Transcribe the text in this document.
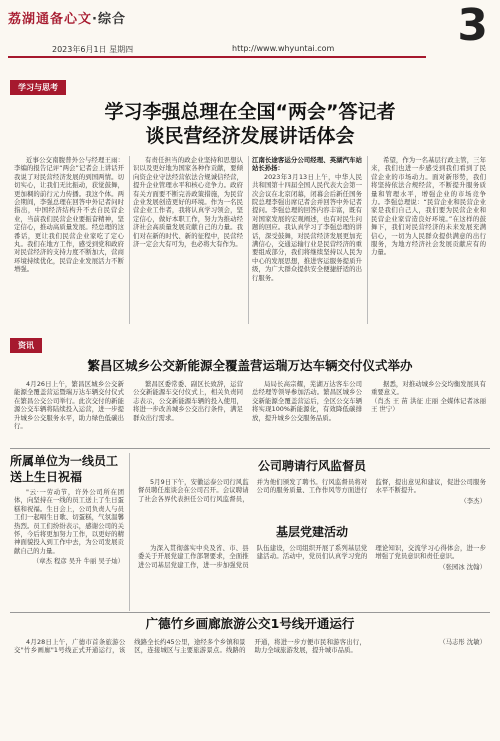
荔湖通备心文·综合
2023年6月1日 星期四	http://www.whyuntai.com	3
学习与思考
学习李强总理在全国“两会”答记者
谈民营经济发展讲话体会

近事公交南腹普外公与经理王雨：李编的报告记评“两会”记者会上讲话开我说了对民营经济发展的到国两情。切切实心，让我们无比振动，获觉鼓舞，更加稠的前行元力传播。我这个体。两会期间，李强总理在回答中外记者问时指出，中国经济结构升不去自民营企业，当前我们民营企业要振奋精神，坚定信心，推动高质量发展。经总理的这番话，更让我们民营企业家吃了定心丸。我们在地方工作，感受到党和政府对民营经济的支持力度不断加大，营商环境持续优化，民营企业发展活力不断增强。

有责任担当的政企业坚持和思想认识以及更好地为国家各种作贡献，要倾向资企业守法经营依法合规诚信经营，提升企业管理水平和核心竞争力。政府有关方面要不断完善政策措施，为民营企业发展创造更好的环境。作为一名民营企业工作者，我将认真学习领会，坚定信心，做好本职工作，努力为推动经济社会高质量发展贡献自己的力量。我们对在新的时代、新的征程中，民营经济一定会大有可为，也必将大有作为。

江南长途客运分公司经理、英湖汽车站站长孙扬：

2023年3月13日上午，中华人民共和国第十四届全国人民代表大会第一次会议在北京闭幕，闭幕会后新任国务院总理李强出席记者会并回答中外记者提问。李强总理的回答内容丰富，既有对国家发展的宏观阐述，也有对民生问题的回应。我认真学习了李强总理的讲话，深受鼓舞，对民营经济发展更加充满信心，交通运输行业是民营经济的重要组成部分，我们将继续坚持以人民为中心的发展思想，推进客运服务提质升级，为广大群众提供安全便捷舒适的出行服务。

希望，作为一名基层行政主管，三年来，我们也进一步感受到我们看到了民营企业的市场动力。面对新形势，我们将坚持依法合规经营，不断提升服务质量和管理水平，增强企业的市场竞争力。李强总理说：“民营企业和民营企业家是我们自己人，我们要为民营企业和民营企业家营造良好环境。”在这样的鼓舞下，我们对民营经济的未来发展充满信心，一切为人民群众提供满意的出行服务，为地方经济社会发展贡献应有的力量。

资讯
繁昌区城乡公交新能源全覆盖营运瑞万达车辆交付仪式举办

4月26日上午，繁昌区城乡公交新能源全覆盖营运暨瑞万达车辆交付仪式在繁昌公交公司举行。此次交付的新能源公交车辆将陆续投入运营，进一步提升城乡公交服务水平，助力绿色低碳出行。

繁昌区委常委、副区长致辞，运营公交新能源车交付仪式上，相关负责同志表示，公交新能源车辆的投入使用，将进一步改善城乡公交出行条件，满足群众出行需求。

局局长高宗耀，芜湖万达客车公司总经理等领导参加活动。繁昌区城乡公交新能源全覆盖营运后，全区公交车辆将实现100%新能源化，有效降低碳排放，提升城乡公交服务品质。

据悉，对推动城乡公交均衡发展具有重要意义。
（肖杰 王 苗 洪征 庄丽 全媒体记者冰丽 王 世宁）

所属单位为一线员工
送上生日祝福

"云·一劳动节，许外公司所在团体，向坚持在一线的员工送上了生日蛋糕和祝福。生日会上，公司负责人与员工们一起唱生日歌、切蛋糕，气氛温馨热烈。员工们纷纷表示，感谢公司的关怀，今后将更加努力工作，以更好的精神面貌投入到工作中去，为公司发展贡献自己的力量。

（章杰 程彦 吴升 牛丽 吴子灿）
公司聘请行风监督员

5月9日下午，安徽运泰公司行风监督员聘任座谈会在公司召开。会议聘请了社会各界代表担任公司行风监督员，并为他们颁发了聘书。行风监督员将对公司的服务质量、工作作风等方面进行监督，提出意见和建议，促进公司服务水平不断提升。

（李杰）
基层党建活动

为深入贯彻落实中央及省、市、县委关于开展党建工作部署要求，全面推进公司基层党建工作，进一步加强党员队伍建设，公司组织开展了系列基层党建活动。活动中，党员们认真学习党的理论知识，交流学习心得体会，进一步增强了党员意识和责任意识。

（张园冰 沈翰）
广德竹乡画廊旅游公交1号线开通运行

4月28日上午，广德市首条旅游公交"竹乡画廊"1号线正式开通运行，该线路全长约45公里，途经多个乡镇和景区，连接城区与主要旅游景点。线路的开通，将进一步方便市民和游客出行，助力全域旅游发展，提升城市品质。

（马志彤 沈敏）
